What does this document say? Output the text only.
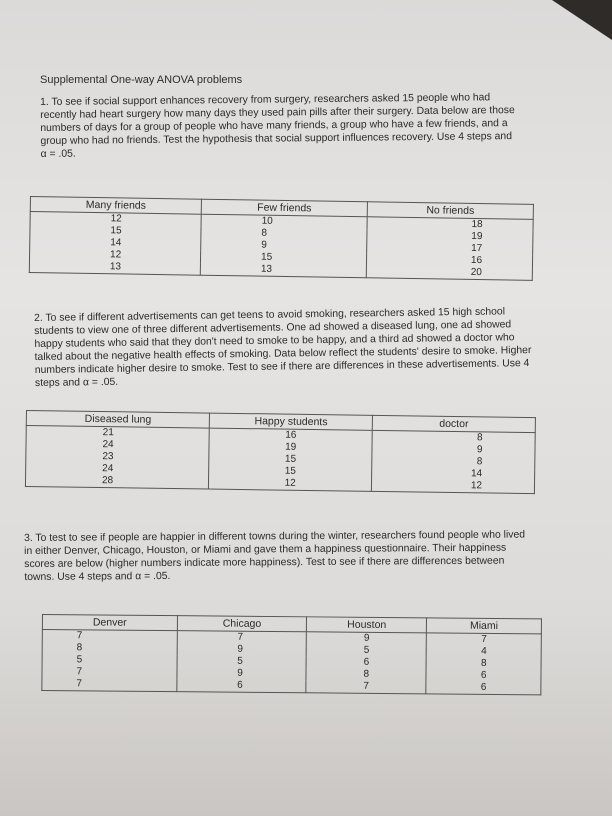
Supplemental One-way ANOVA problems

1. To see if social support enhances recovery from surgery, researchers asked 15 people who had recently had heart surgery how many days they used pain pills after their surgery. Data below are those numbers of days for a group of people who have many friends, a group who have a few friends, and a group who had no friends. Test the hypothesis that social support influences recovery. Use 4 steps and α = .05.

Many friends	Few friends	No friends
12	10	18
15	8	19
14	9	17
12	15	16
13	13	20

2. To see if different advertisements can get teens to avoid smoking, researchers asked 15 high school students to view one of three different advertisements. One ad showed a diseased lung, one ad showed happy students who said that they don't need to smoke to be happy, and a third ad showed a doctor who talked about the negative health effects of smoking. Data below reflect the students' desire to smoke. Higher numbers indicate higher desire to smoke. Test to see if there are differences in these advertisements. Use 4 steps and α = .05.

Diseased lung	Happy students	doctor
21	16	8
24	19	9
23	15	8
24	15	14
28	12	12

3. To test to see if people are happier in different towns during the winter, researchers found people who lived in either Denver, Chicago, Houston, or Miami and gave them a happiness questionnaire. Their happiness scores are below (higher numbers indicate more happiness). Test to see if there are differences between towns. Use 4 steps and α = .05.

Denver	Chicago	Houston	Miami
7	7	9	7
8	9	5	4
5	5	6	8
7	9	8	6
7	6	7	6
